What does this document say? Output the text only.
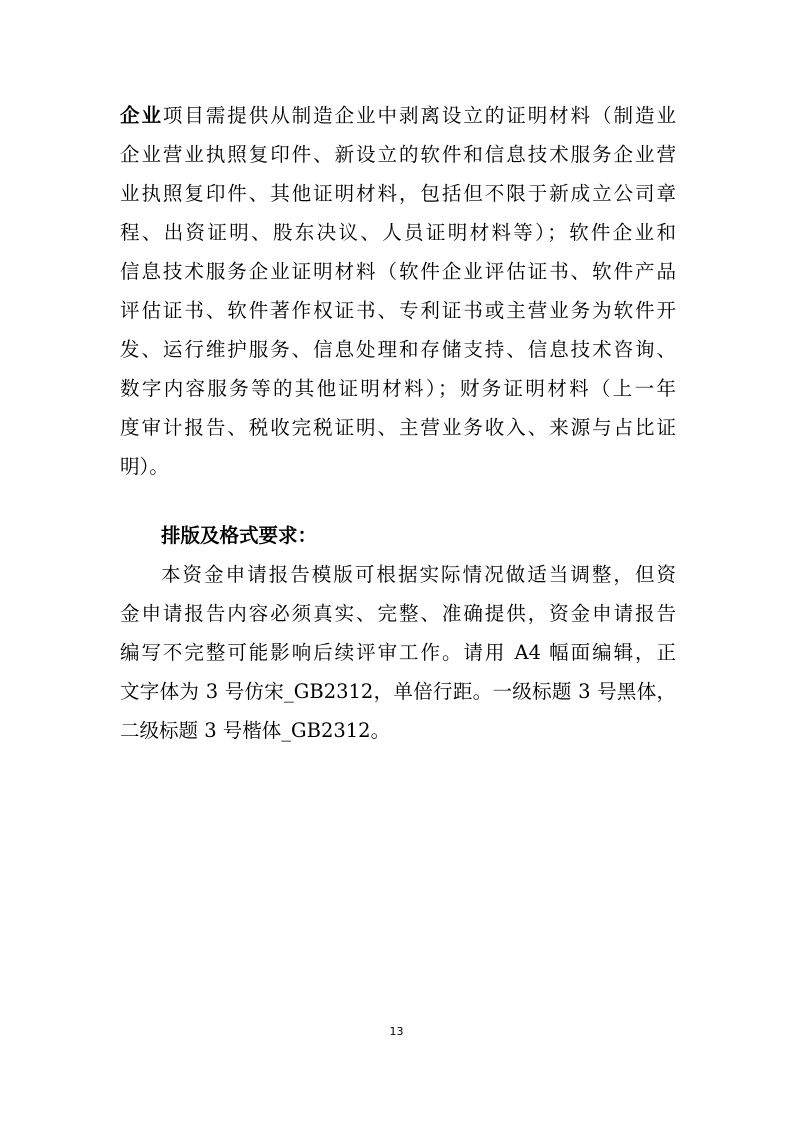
企业项目需提供从制造企业中剥离设立的证明材料（制造业
企业营业执照复印件、新设立的软件和信息技术服务企业营
业执照复印件、其他证明材料，包括但不限于新成立公司章
程、出资证明、股东决议、人员证明材料等）；软件企业和
信息技术服务企业证明材料（软件企业评估证书、软件产品
评估证书、软件著作权证书、专利证书或主营业务为软件开
发、运行维护服务、信息处理和存储支持、信息技术咨询、
数字内容服务等的其他证明材料）；财务证明材料（上一年
度审计报告、税收完税证明、主营业务收入、来源与占比证
明）。
排版及格式要求：
本资金申请报告模版可根据实际情况做适当调整，但资
金申请报告内容必须真实、完整、准确提供，资金申请报告
编写不完整可能影响后续评审工作。请用 A4 幅面编辑，正
文字体为 3 号仿宋_GB2312，单倍行距。一级标题 3 号黑体，
二级标题 3 号楷体_GB2312。
13
